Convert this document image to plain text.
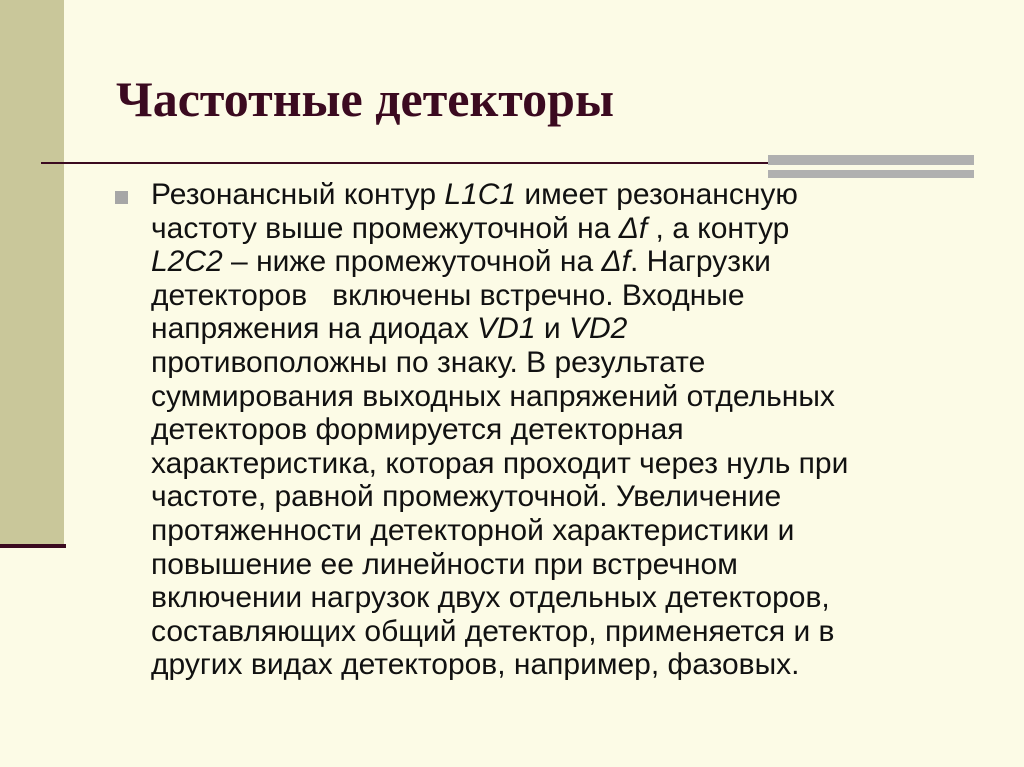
Частотные детекторы

Резонансный контур L1C1 имеет резонансную
частоту выше промежуточной на Δf , а контур
L2C2 – ниже промежуточной на Δf. Нагрузки
детекторов   включены встречно. Входные
напряжения на диодах VD1 и VD2
противоположны по знаку. В результате
суммирования выходных напряжений отдельных
детекторов формируется детекторная
характеристика, которая проходит через нуль при
частоте, равной промежуточной. Увеличение
протяженности детекторной характеристики и
повышение ее линейности при встречном
включении нагрузок двух отдельных детекторов,
составляющих общий детектор, применяется и в
других видах детекторов, например, фазовых.
